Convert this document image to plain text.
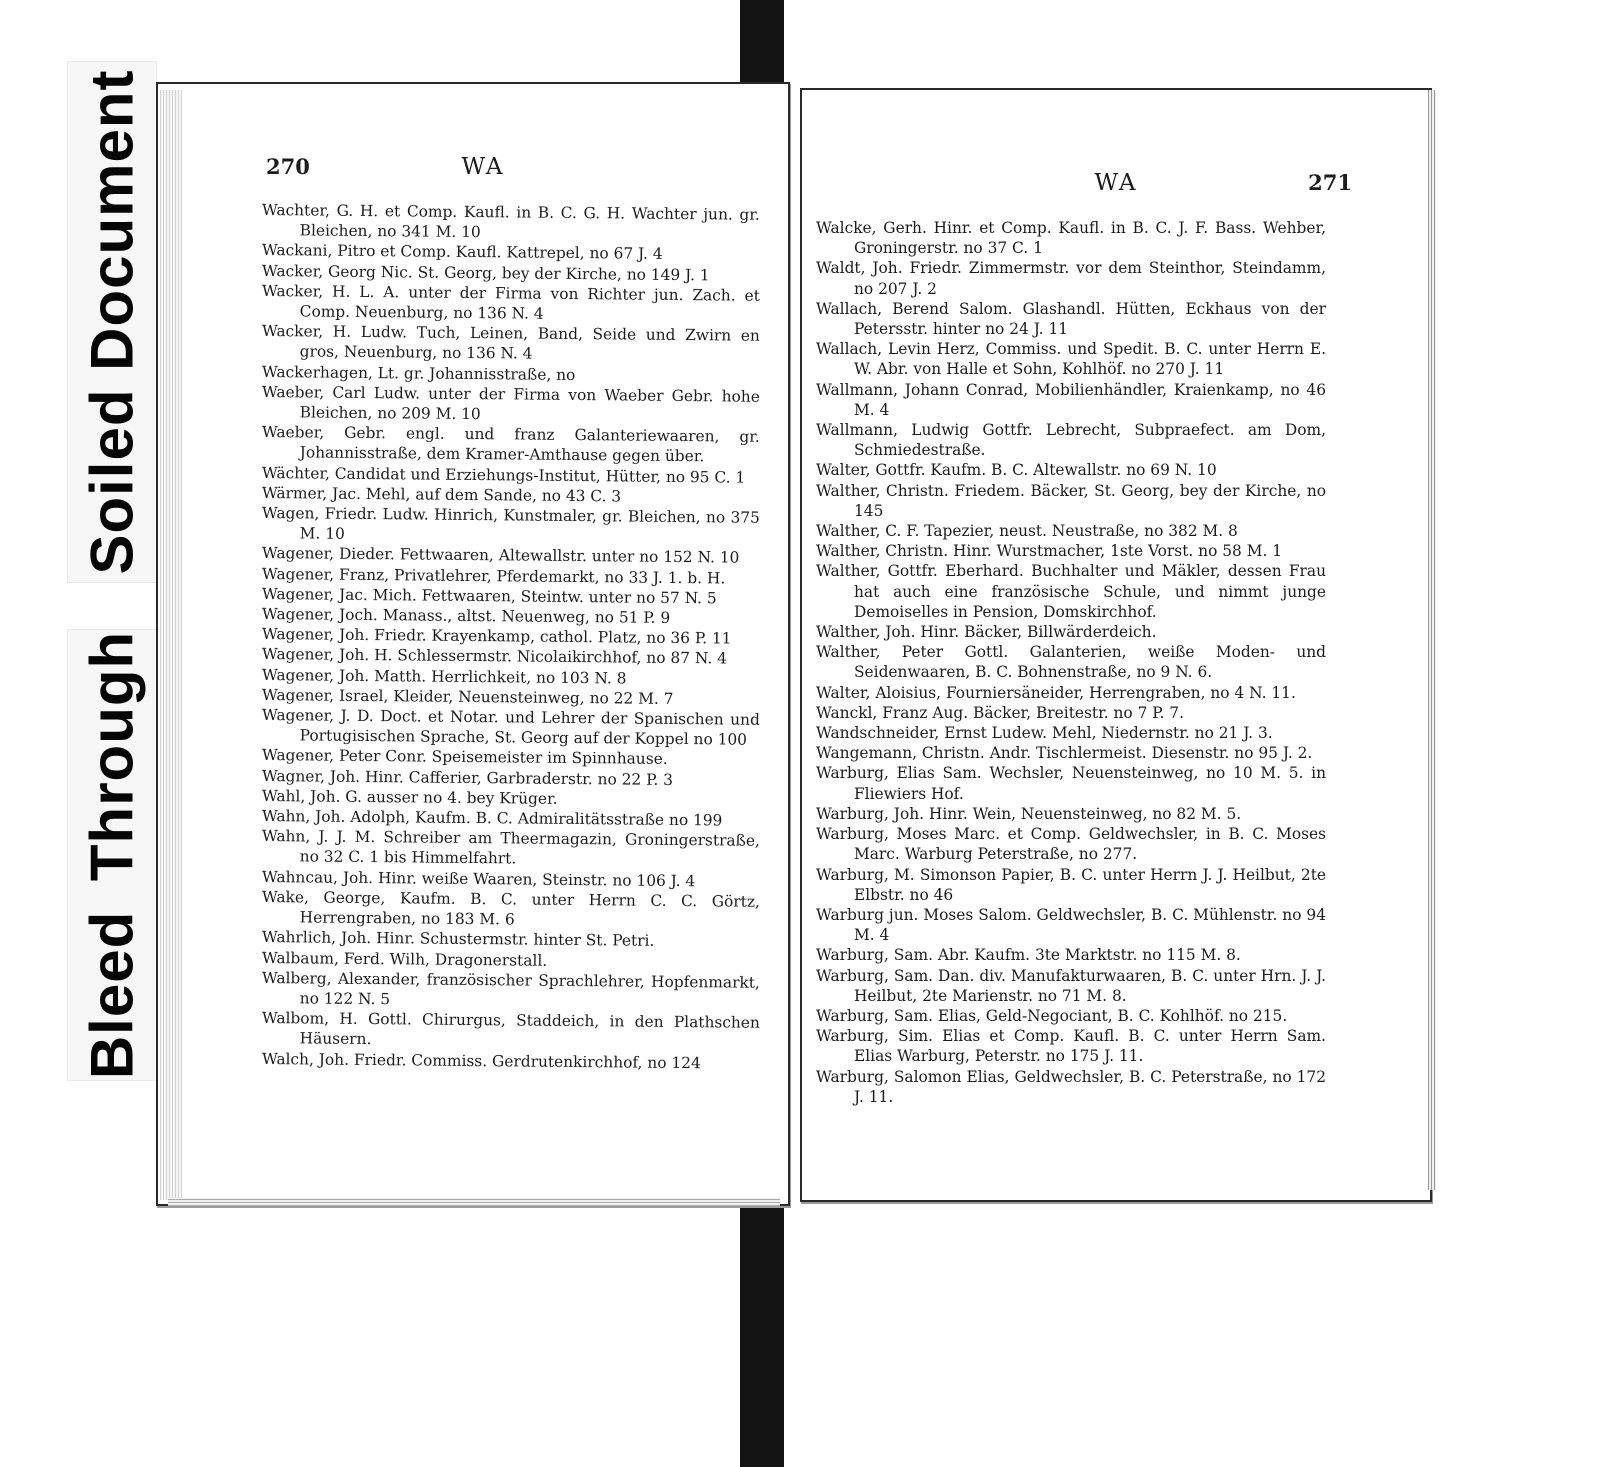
Soiled Document
Bleed Through
270	WA
Wachter, G. H. et Comp. Kaufl. in B. C. G. H. Wachter jun. gr. Bleichen, no 341 M. 10
Wackani, Pitro et Comp. Kaufl. Kattrepel, no 67 J. 4
Wacker, Georg Nic. St. Georg, bey der Kirche, no 149 J. 1
Wacker, H. L. A. unter der Firma von Richter jun. Zach. et Comp. Neuenburg, no 136 N. 4
Wacker, H. Ludw. Tuch, Leinen, Band, Seide und Zwirn en gros, Neuenburg, no 136 N. 4
Wackerhagen, Lt. gr. Johannisstraße, no
Waeber, Carl Ludw. unter der Firma von Waeber Gebr. hohe Bleichen, no 209 M. 10
Waeber, Gebr. engl. und franz Galanteriewaaren, gr. Johannisstraße, dem Kramer-Amthause gegen über.
Wächter, Candidat und Erziehungs-Institut, Hütter, no 95 C. 1
Wärmer, Jac. Mehl, auf dem Sande, no 43 C. 3
Wagen, Friedr. Ludw. Hinrich, Kunstmaler, gr. Bleichen, no 375 M. 10
Wagener, Dieder. Fettwaaren, Altewallstr. unter no 152 N. 10
Wagener, Franz, Privatlehrer, Pferdemarkt, no 33 J. 1. b. H.
Wagener, Jac. Mich. Fettwaaren, Steintw. unter no 57 N. 5
Wagener, Joch. Manass., altst. Neuenweg, no 51 P. 9
Wagener, Joh. Friedr. Krayenkamp, cathol. Platz, no 36 P. 11
Wagener, Joh. H. Schlessermstr. Nicolaikirchhof, no 87 N. 4
Wagener, Joh. Matth. Herrlichkeit, no 103 N. 8
Wagener, Israel, Kleider, Neuensteinweg, no 22 M. 7
Wagener, J. D. Doct. et Notar. und Lehrer der Spanischen und Portugisischen Sprache, St. Georg auf der Koppel no 100
Wagener, Peter Conr. Speisemeister im Spinnhause.
Wagner, Joh. Hinr. Cafferier, Garbraderstr. no 22 P. 3
Wahl, Joh. G. ausser no 4. bey Krüger.
Wahn, Joh. Adolph, Kaufm. B. C. Admiralitätsstraße no 199
Wahn, J. J. M. Schreiber am Theermagazin, Groningerstraße, no 32 C. 1 bis Himmelfahrt.
Wahncau, Joh. Hinr. weiße Waaren, Steinstr. no 106 J. 4
Wake, George, Kaufm. B. C. unter Herrn C. C. Görtz, Herrengraben, no 183 M. 6
Wahrlich, Joh. Hinr. Schustermstr. hinter St. Petri.
Walbaum, Ferd. Wilh, Dragonerstall.
Walberg, Alexander, französischer Sprachlehrer, Hopfenmarkt, no 122 N. 5
Walbom, H. Gottl. Chirurgus, Staddeich, in den Plathschen Häusern.
Walch, Joh. Friedr. Commiss. Gerdrutenkirchhof, no 124
WA	271
Walcke, Gerh. Hinr. et Comp. Kaufl. in B. C. J. F. Bass. Wehber, Groningerstr. no 37 C. 1
Waldt, Joh. Friedr. Zimmermstr. vor dem Steinthor, Steindamm, no 207 J. 2
Wallach, Berend Salom. Glashandl. Hütten, Eckhaus von der Petersstr. hinter no 24 J. 11
Wallach, Levin Herz, Commiss. und Spedit. B. C. unter Herrn E. W. Abr. von Halle et Sohn, Kohlhöf. no 270 J. 11
Wallmann, Johann Conrad, Mobilienhändler, Kraienkamp, no 46 M. 4
Wallmann, Ludwig Gottfr. Lebrecht, Subpraefect. am Dom, Schmiedestraße.
Walter, Gottfr. Kaufm. B. C. Altewallstr. no 69 N. 10
Walther, Christn. Friedem. Bäcker, St. Georg, bey der Kirche, no 145
Walther, C. F. Tapezier, neust. Neustraße, no 382 M. 8
Walther, Christn. Hinr. Wurstmacher, 1ste Vorst. no 58 M. 1
Walther, Gottfr. Eberhard. Buchhalter und Mäkler, dessen Frau hat auch eine französische Schule, und nimmt junge Demoiselles in Pension, Domskirchhof.
Walther, Joh. Hinr. Bäcker, Billwärderdeich.
Walther, Peter Gottl. Galanterien, weiße Moden- und Seidenwaaren, B. C. Bohnenstraße, no 9 N. 6.
Walter, Aloisius, Fourniersäneider, Herrengraben, no 4 N. 11.
Wanckl, Franz Aug. Bäcker, Breitestr. no 7 P. 7.
Wandschneider, Ernst Ludew. Mehl, Niedernstr. no 21 J. 3.
Wangemann, Christn. Andr. Tischlermeist. Diesenstr. no 95 J. 2.
Warburg, Elias Sam. Wechsler, Neuensteinweg, no 10 M. 5. in Fliewiers Hof.
Warburg, Joh. Hinr. Wein, Neuensteinweg, no 82 M. 5.
Warburg, Moses Marc. et Comp. Geldwechsler, in B. C. Moses Marc. Warburg Peterstraße, no 277.
Warburg, M. Simonson Papier, B. C. unter Herrn J. J. Heilbut, 2te Elbstr. no 46
Warburg jun. Moses Salom. Geldwechsler, B. C. Mühlenstr. no 94 M. 4
Warburg, Sam. Abr. Kaufm. 3te Marktstr. no 115 M. 8.
Warburg, Sam. Dan. div. Manufakturwaaren, B. C. unter Hrn. J. J. Heilbut, 2te Marienstr. no 71 M. 8.
Warburg, Sam. Elias, Geld-Negociant, B. C. Kohlhöf. no 215.
Warburg, Sim. Elias et Comp. Kaufl. B. C. unter Herrn Sam. Elias Warburg, Peterstr. no 175 J. 11.
Warburg, Salomon Elias, Geldwechsler, B. C. Peterstraße, no 172 J. 11.
